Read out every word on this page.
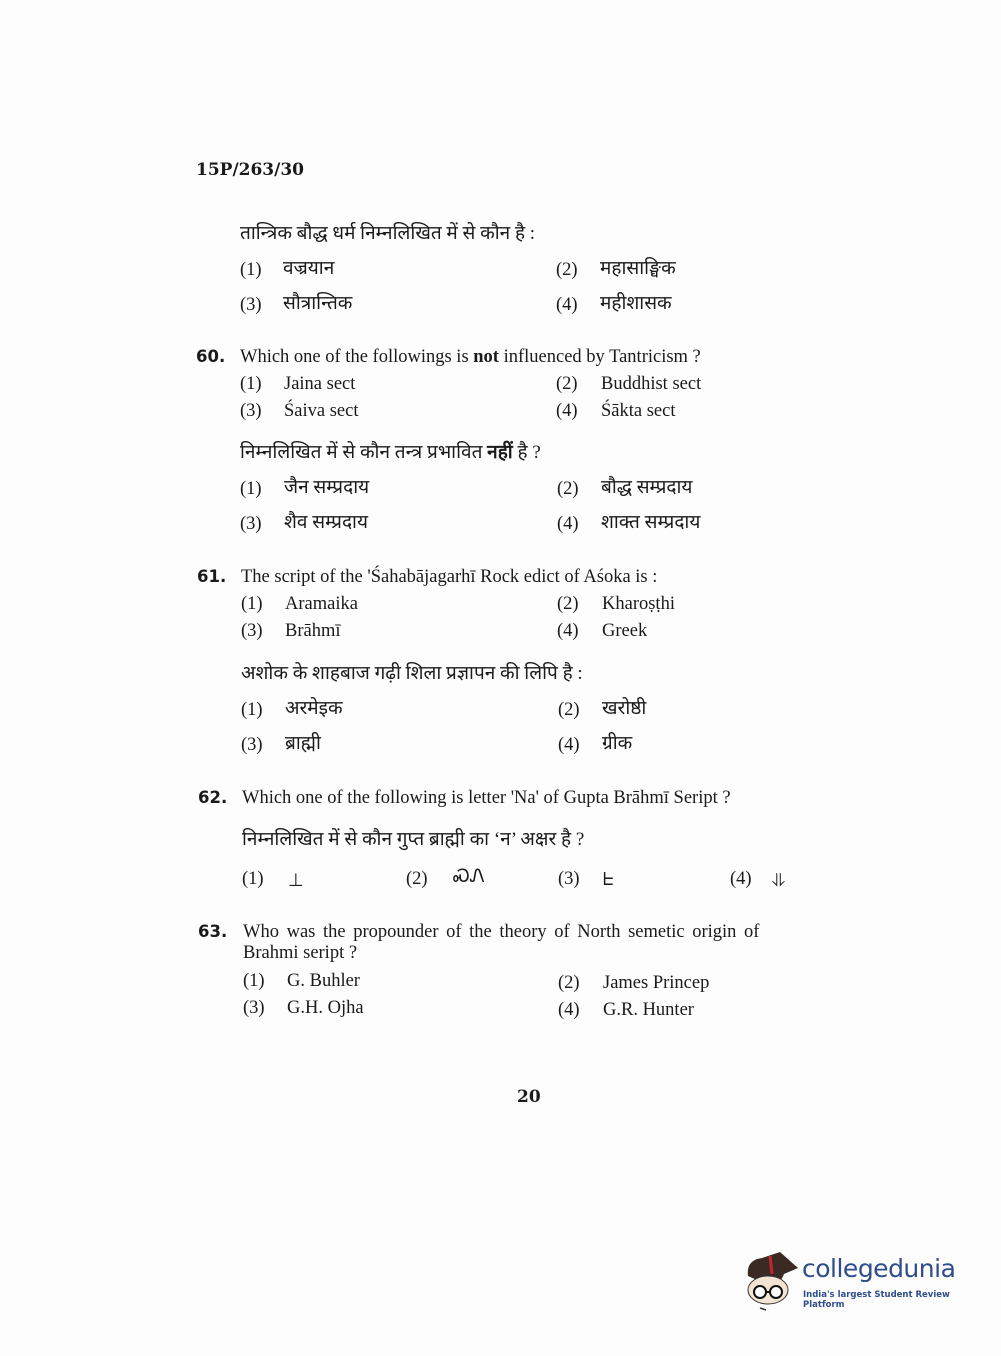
15P/263/30
तान्त्रिक बौद्ध धर्म निम्नलिखित में से कौन है :
(1) वज्रयान	(2) महासाङ्घिक
(3) सौत्रान्तिक	(4) महीशासक
60. Which one of the followings is not influenced by Tantricism ?
(1) Jaina sect	(2) Buddhist sect
(3) Śaiva sect	(4) Śākta sect
निम्नलिखित में से कौन तन्त्र प्रभावित नहीं है ?
(1) जैन सम्प्रदाय	(2) बौद्ध सम्प्रदाय
(3) शैव सम्प्रदाय	(4) शाक्त सम्प्रदाय
61. The script of the 'Śahabājagarhī Rock edict of Aśoka is :
(1) Aramaika	(2) Kharoṣṭhi
(3) Brāhmī	(4) Greek
अशोक के शाहबाज गढ़ी शिला प्रज्ञापन की लिपि है :
(1) अरमेइक	(2) खरोष्ठी
(3) ब्राह्मी	(4) ग्रीक
62. Which one of the following is letter 'Na' of Gupta Brāhmī Seript ?
निम्नलिखित में से कौन गुप्त ब्राह्मी का ‘न’ अक्षर है ?
(1) ⊥	(2) ᏍᏁ	(3) ᖶ	(4) ⥥
63. Who was the propounder of the theory of North semetic origin of
Brahmi seript ?
(1) G. Buhler	(2) James Princep
(3) G.H. Ojha	(4) G.R. Hunter
20
collegedunia
India's largest Student Review Platform
